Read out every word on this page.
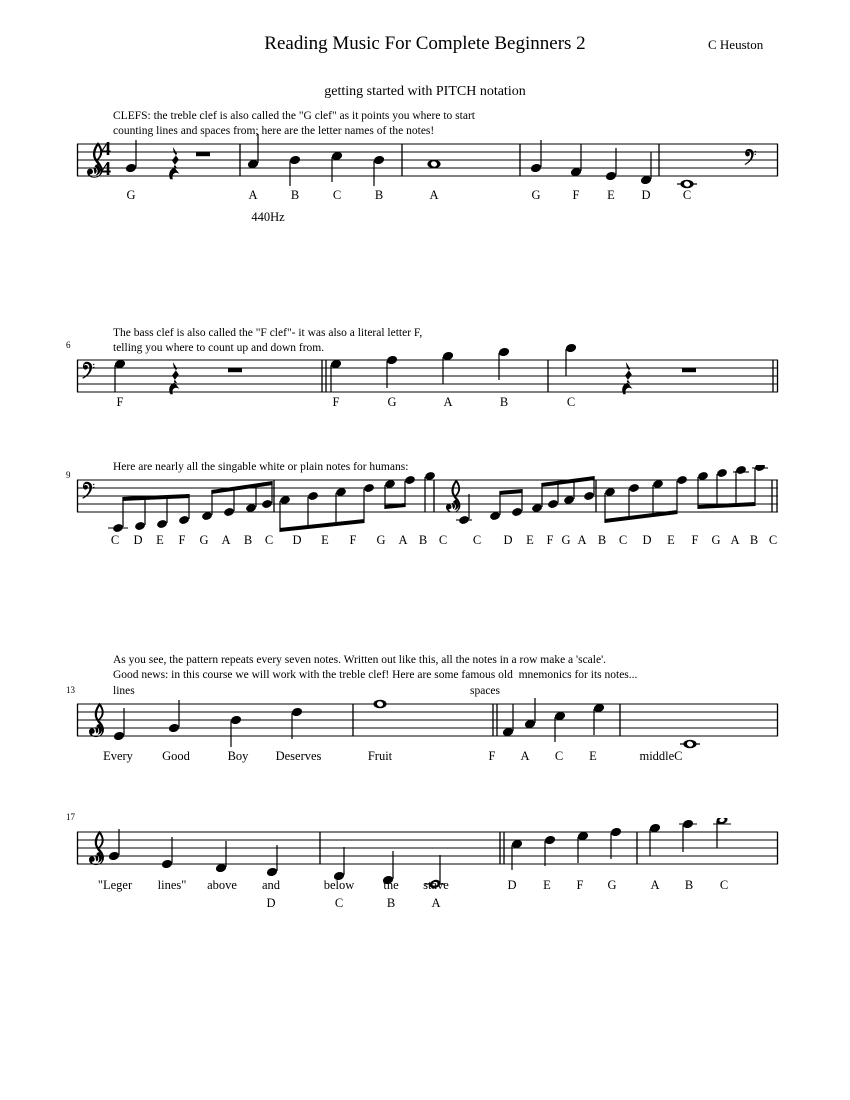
Reading Music For Complete Beginners 2	C Heuston
getting started with PITCH notation
CLEFS: the treble clef is also called the "G clef" as it points you where to start
counting lines and spaces from; here are the letter names of the notes!
4
4
G	A	B	C	B	A	G	F	E	D	C
440Hz
The bass clef is also called the "F clef"- it was also a literal letter F,
telling you where to count up and down from.
6
F	F	G	A	B	C
Here are nearly all the singable white or plain notes for humans:
9
C	D	E	F	G	A	B	C	D	E	F	G	A B C	C	D	E	F G A B	C	D	E	F	G A B C
As you see, the pattern repeats every seven notes. Written out like this, all the notes in a row make a 'scale'.
Good news: in this course we will work with the treble clef! Here are some famous old  mnemonics for its notes...
lines	spaces
13
Every	Good	Boy	Deserves	Fruit	F	A	C	E	middleC
17
"Leger	lines"	above	and	below	the	stave	D	E	F	G	A	B	C
D	C	B	A
